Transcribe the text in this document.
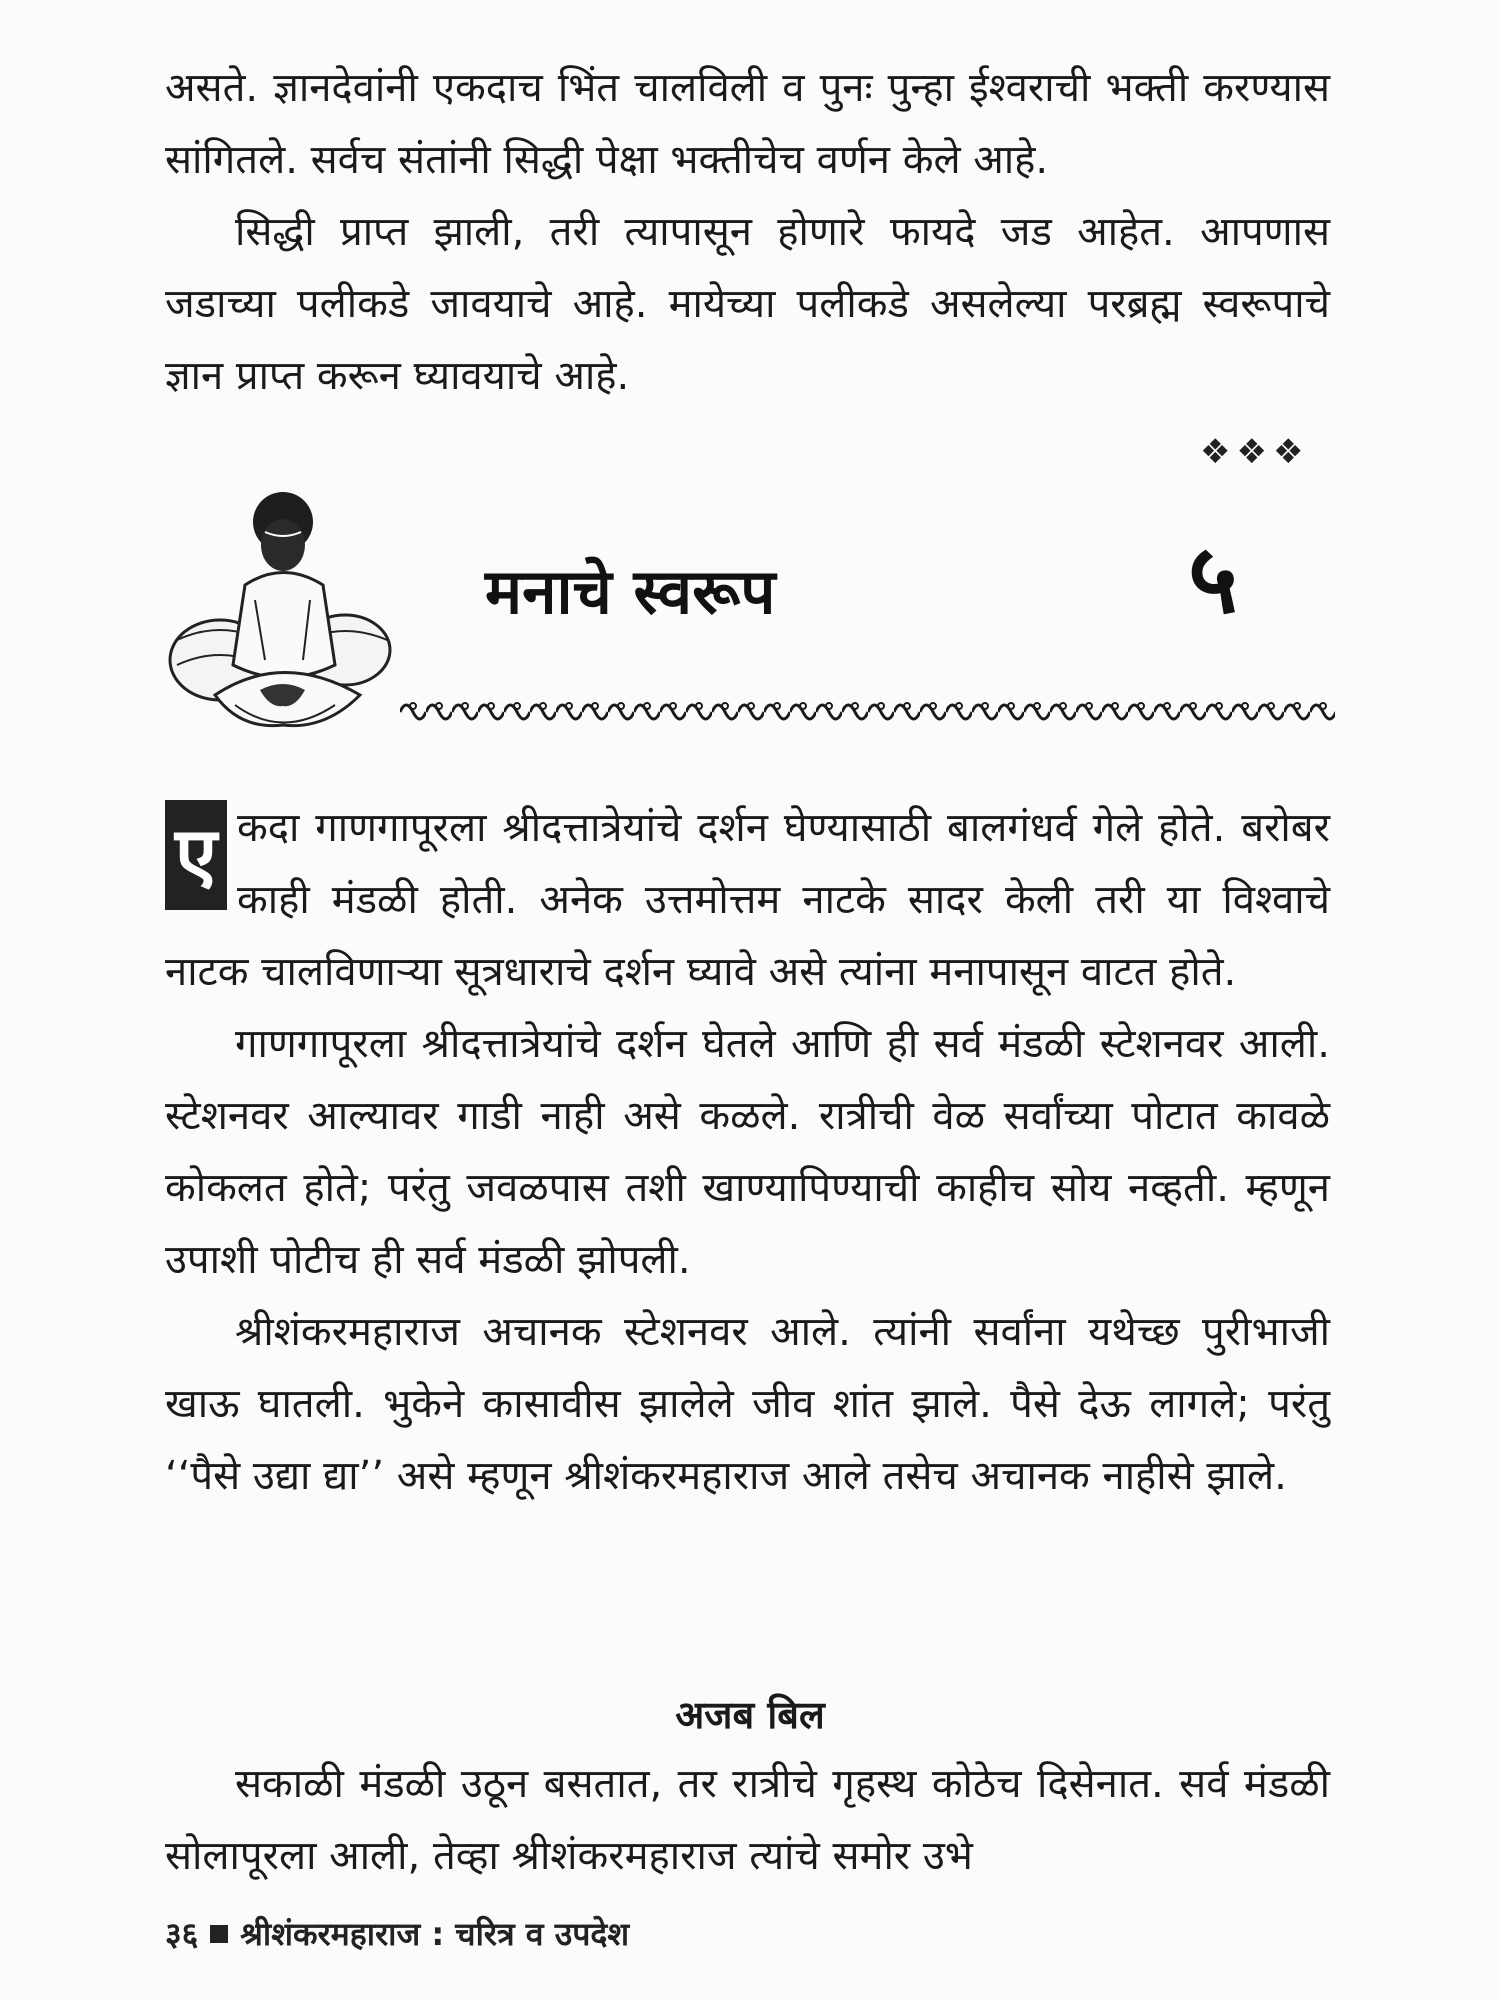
असते. ज्ञानदेवांनी एकदाच भिंत चालविली व पुनः पुन्हा ईश्वराची भक्ती करण्यास सांगितले. सर्वच संतांनी सिद्धी पेक्षा भक्तीचेच वर्णन केले आहे.

सिद्धी प्राप्त झाली, तरी त्यापासून होणारे फायदे जड आहेत. आपणास जडाच्या पलीकडे जावयाचे आहे. मायेच्या पलीकडे असलेल्या परब्रह्म स्वरूपाचे ज्ञान प्राप्त करून घ्यावयाचे आहे.

❖❖❖
मनाचे स्वरूप	५

ए कदा गाणगापूरला श्रीदत्तात्रेयांचे दर्शन घेण्यासाठी बालगंधर्व गेले होते. बरोबर काही मंडळी होती. अनेक उत्तमोत्तम नाटके सादर केली तरी या विश्वाचे नाटक चालविणाऱ्या सूत्रधाराचे दर्शन घ्यावे असे त्यांना मनापासून वाटत होते.

गाणगापूरला श्रीदत्तात्रेयांचे दर्शन घेतले आणि ही सर्व मंडळी स्टेशनवर आली. स्टेशनवर आल्यावर गाडी नाही असे कळले. रात्रीची वेळ सर्वांच्या पोटात कावळे कोकलत होते; परंतु जवळपास तशी खाण्यापिण्याची काहीच सोय नव्हती. म्हणून उपाशी पोटीच ही सर्व मंडळी झोपली.

श्रीशंकरमहाराज अचानक स्टेशनवर आले. त्यांनी सर्वांना यथेच्छ पुरीभाजी खाऊ घातली. भुकेने कासावीस झालेले जीव शांत झाले. पैसे देऊ लागले; परंतु ‘‘पैसे उद्या द्या’’ असे म्हणून श्रीशंकरमहाराज आले तसेच अचानक नाहीसे झाले.

अजब बिल

सकाळी मंडळी उठून बसतात, तर रात्रीचे गृहस्थ कोठेच दिसेनात. सर्व मंडळी सोलापूरला आली, तेव्हा श्रीशंकरमहाराज त्यांचे समोर उभे

३६ श्रीशंकरमहाराज : चरित्र व उपदेश
